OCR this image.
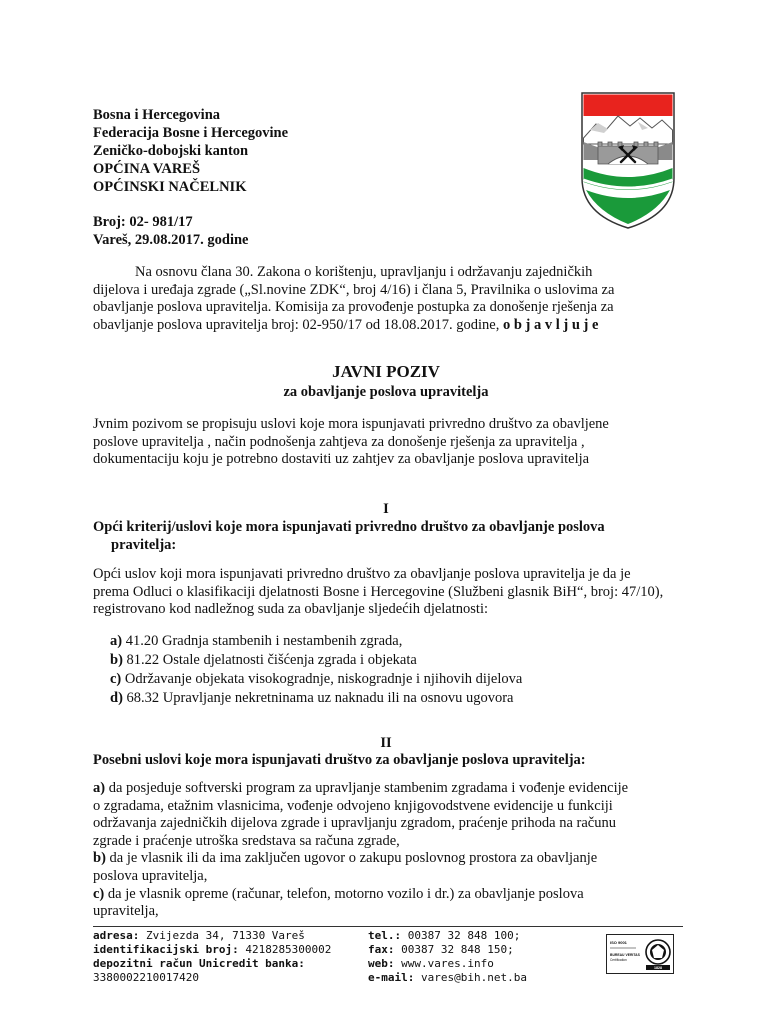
Bosna i Hercegovina
Federacija Bosne i Hercegovine
Zeničko-dobojski kanton
OPĆINA VAREŠ
OPĆINSKI NAČELNIK
Broj: 02- 981/17
Vareš, 29.08.2017. godine
Na osnovu člana 30. Zakona o korištenju, upravljanju i održavanju zajedničkih
dijelova i uređaja zgrade („Sl.novine ZDK“, broj 4/16) i člana 5, Pravilnika o uslovima za
obavljanje poslova upravitelja. Komisija za provođenje postupka za donošenje rješenja za
obavljanje poslova upravitelja broj: 02-950/17 od 18.08.2017. godine, o b j a v l j u j e
JAVNI POZIV
za obavljanje poslova upravitelja
Jvnim pozivom se propisuju uslovi koje mora ispunjavati privredno društvo za obavljene
poslove upravitelja , način podnošenja zahtjeva za donošenje rješenja za upravitelja ,
dokumentaciju koju je potrebno dostaviti uz zahtjev za obavljanje poslova upravitelja
I
Opći kriterij/uslovi koje mora ispunjavati privredno društvo za obavljanje poslova
pravitelja:
Opći uslov koji mora ispunjavati privredno društvo za obavljanje poslova upravitelja je da je
prema Odluci o klasifikaciji djelatnosti Bosne i Hercegovine (Službeni glasnik BiH“, broj: 47/10),
registrovano kod nadležnog suda za obavljanje sljedećih djelatnosti:
a) 41.20 Gradnja stambenih i nestambenih zgrada,
b) 81.22 Ostale djelatnosti čišćenja zgrada i objekata
c) Održavanje objekata visokogradnje, niskogradnje i njihovih dijelova
d) 68.32 Upravljanje nekretninama uz naknadu ili na osnovu ugovora
II
Posebni uslovi koje mora ispunjavati društvo za obavljanje poslova upravitelja:
a) da posjeduje softverski program za upravljanje stambenim zgradama i vođenje evidencije
o zgradama, etažnim vlasnicima, vođenje odvojeno knjigovodstvene evidencije u funkciji
održavanja zajedničkih dijelova zgrade i upravljanju zgradom, praćenje prihoda na računu
zgrade i praćenje utroška sredstava sa računa zgrade,
b) da je vlasnik ili da ima zaključen ugovor o zakupu poslovnog prostora za obavljanje
poslova upravitelja,
c) da je vlasnik opreme (računar, telefon, motorno vozilo i dr.) za obavljanje poslova
upravitelja,
adresa: Zvijezda 34, 71330 Vareš
identifikacijski broj: 4218285300002
depozitni račun Unicredit banka:
3380002210017420
tel.: 00387 32 848 100;
fax: 00387 32 848 150;
web: www.vares.info
e-mail: vares@bih.net.ba
ISO 9001
BUREAU VERITAS
Certification
1828
